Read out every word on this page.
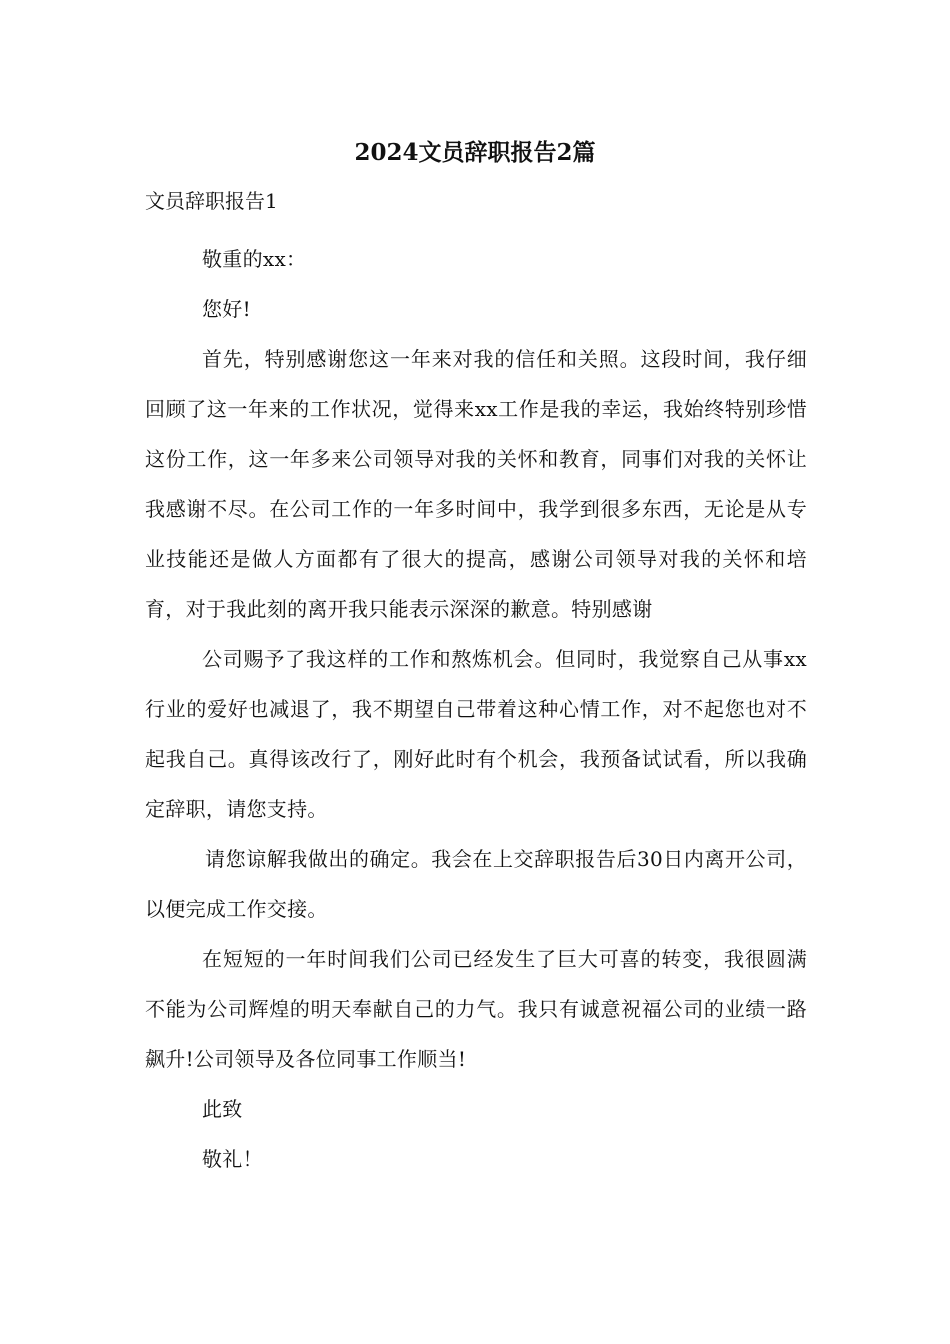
2024文员辞职报告2篇
文员辞职报告1

敬重的xx：

您好!

首先，特别感谢您这一年来对我的信任和关照。这段时间，我仔细回顾了这一年来的工作状况，觉得来xx工作是我的幸运，我始终特别珍惜这份工作，这一年多来公司领导对我的关怀和教育，同事们对我的关怀让我感谢不尽。在公司工作的一年多时间中，我学到很多东西，无论是从专业技能还是做人方面都有了很大的提高，感谢公司领导对我的关怀和培育，对于我此刻的离开我只能表示深深的歉意。特别感谢

公司赐予了我这样的工作和熬炼机会。但同时，我觉察自己从事xx行业的爱好也减退了，我不期望自己带着这种心情工作，对不起您也对不起我自己。真得该改行了，刚好此时有个机会，我预备试试看，所以我确定辞职，请您支持。

请您谅解我做出的确定。我会在上交辞职报告后30日内离开公司，以便完成工作交接。

在短短的一年时间我们公司已经发生了巨大可喜的转变，我很圆满不能为公司辉煌的明天奉献自己的力气。我只有诚意祝福公司的业绩一路飙升!公司领导及各位同事工作顺当!

此致

敬礼！
